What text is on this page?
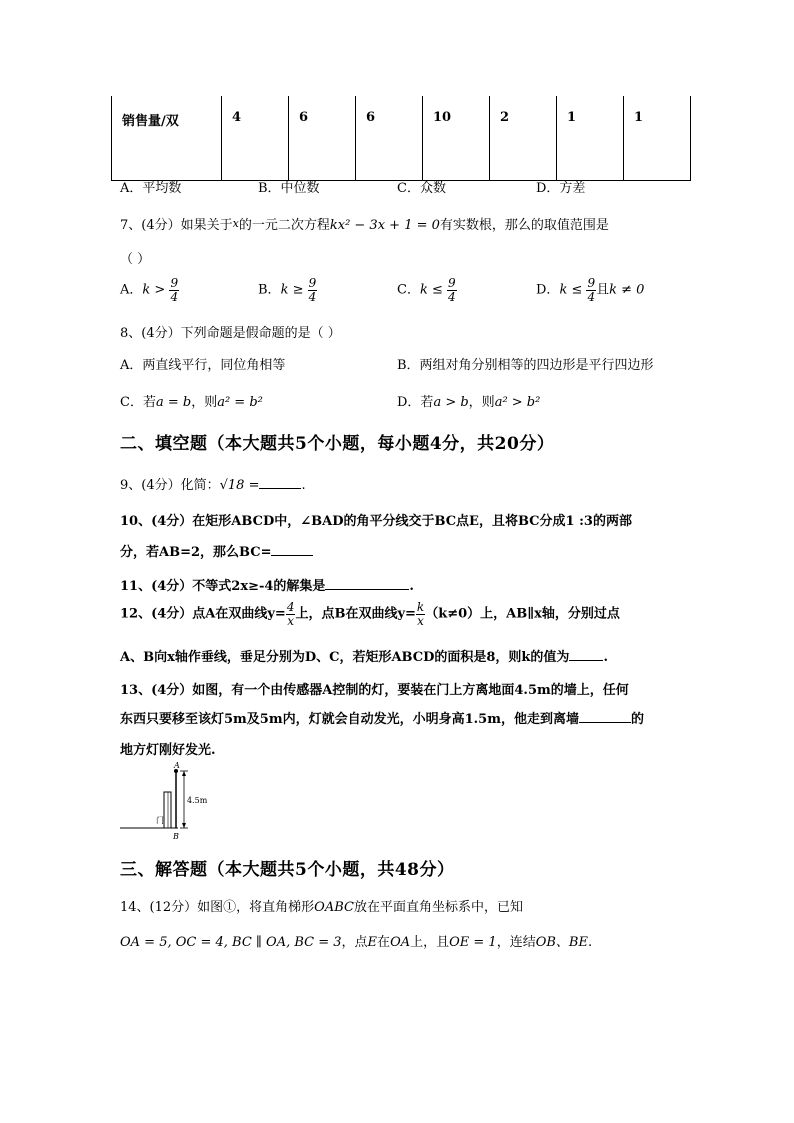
销售量/双	4	6	6	10	2	1	1
A．平均数	B．中位数	C．众数	D．方差
7、(4分）如果关于x的一元二次方程kx² − 3x + 1 = 0有实数根，那么的取值范围是
（ ）
A．$k > \frac{9}{4}$	B．$k \ge \frac{9}{4}$	C．$k \le \frac{9}{4}$	D．$k \le \frac{9}{4}$ 且k ≠ 0
8、(4分）下列命题是假命题的是（ ）
A．两直线平行，同位角相等	B．两组对角分别相等的四边形是平行四边形
C．若a = b，则a² = b²	D．若a > b，则a² > b²
二、填空题（本大题共5个小题，每小题4分，共20分）
9、(4分）化简：√18 =	.
10、(4分）在矩形ABCD中，∠BAD的角平分线交于BC点E，且将BC分成1 :3的两部
分，若AB=2，那么BC=
11、(4分）不等式2x≥-4的解集是	.
12、(4分）点A在双曲线$y= \frac{4}{x}$ 上，点B在双曲线$y= \frac{k}{x} (k\ne 0)$上，AB∥x轴，分别过点
A、B向x轴作垂线，垂足分别为D、C，若矩形ABCD的面积是8，则k的值为	.
13、(4分）如图，有一个由传感器A控制的灯，要装在门上方离地面4.5m的墙上，任何
东西只要移至该灯5m及5m内，灯就会自动发光，小明身高1.5m，他走到离墙	的
地方灯刚好发光.
A
B
4.5m
门
三、解答题（本大题共5个小题，共48分）
14、(12分）如图①，将直角梯形OABC放在平面直角坐标系中，已知
OA = 5, OC = 4, BC ∥ OA, BC = 3，点E在OA上，且OE = 1，连结OB、BE.
